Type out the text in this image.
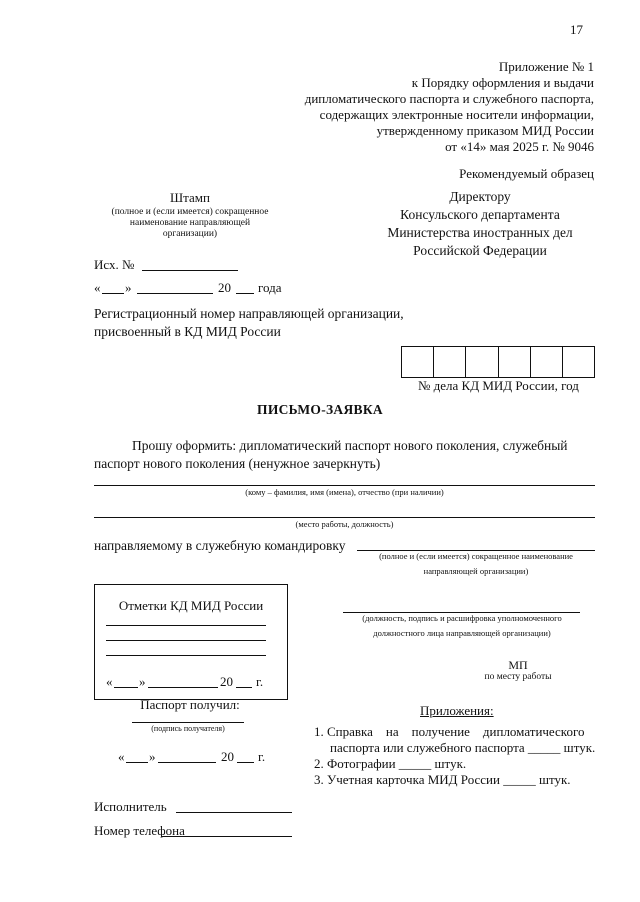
17
Приложение № 1
к Порядку оформления и выдачи
дипломатического паспорта и служебного паспорта,
содержащих электронные носители информации,
утвержденному приказом МИД России
от «14» мая 2025 г. № 9046
Рекомендуемый образец
Штамп
(полное и (если имеется) сокращенное
наименование направляющей
организации)
Директору
Консульского департамента
Министерства иностранных дел
Российской Федерации
Исх. №
« »	20 года
Регистрационный номер направляющей организации,
присвоенный в КД МИД России
№ дела КД МИД России, год
ПИСЬМО-ЗАЯВКА
Прошу оформить: дипломатический паспорт нового поколения, служебный
паспорт нового поколения (ненужное зачеркнуть)
(кому – фамилия, имя (имена), отчество (при наличии)
(место работы, должность)
направляемому в служебную командировку
(полное и (если имеется) сокращенное наименование
направляющей организации)
Отметки КД МИД России
« »	20 г.
(должность, подпись и расшифровка уполномоченного
должностного лица направляющей организации)
МП
по месту работы
Паспорт получил:
(подпись получателя)
« »	20 г.
Приложения:
1. Справка    на    получение    дипломатического
паспорта или служебного паспорта _____ штук.
2. Фотографии _____ штук.
3. Учетная карточка МИД России _____ штук.
Исполнитель
Номер телефона
